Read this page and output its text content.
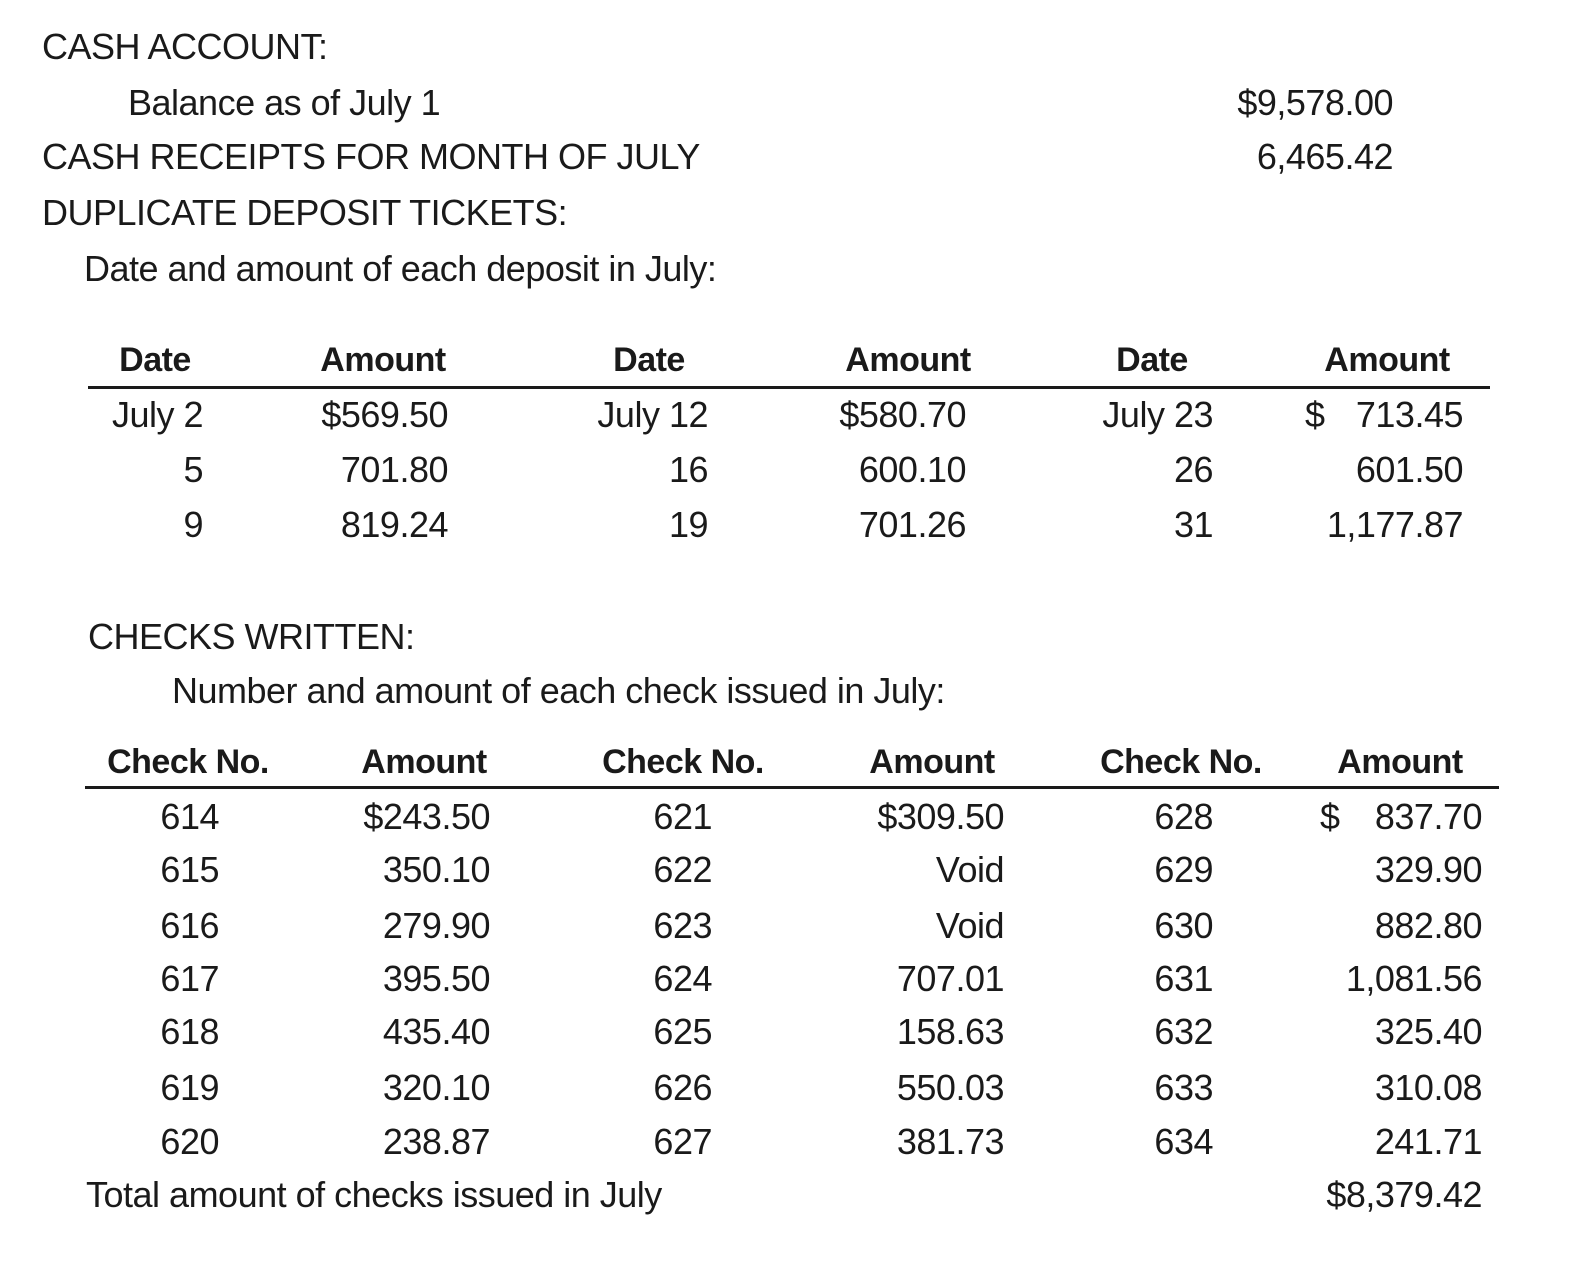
CASH ACCOUNT:
Balance as of July 1	$9,578.00
CASH RECEIPTS FOR MONTH OF JULY	6,465.42
DUPLICATE DEPOSIT TICKETS:
Date and amount of each deposit in July:
Date	Amount	Date	Amount	Date	Amount
July 2	$569.50	July 12	$580.70	July 23	$ 713.45
5	701.80	16	600.10	26	601.50
9	819.24	19	701.26	31	1,177.87
CHECKS WRITTEN:
Number and amount of each check issued in July:
Check No.	Amount	Check No.	Amount	Check No.	Amount
614	$243.50	621	$309.50	628	$ 837.70
615	350.10	622	Void	629	329.90
616	279.90	623	Void	630	882.80
617	395.50	624	707.01	631	1,081.56
618	435.40	625	158.63	632	325.40
619	320.10	626	550.03	633	310.08
620	238.87	627	381.73	634	241.71
Total amount of checks issued in July	$8,379.42
